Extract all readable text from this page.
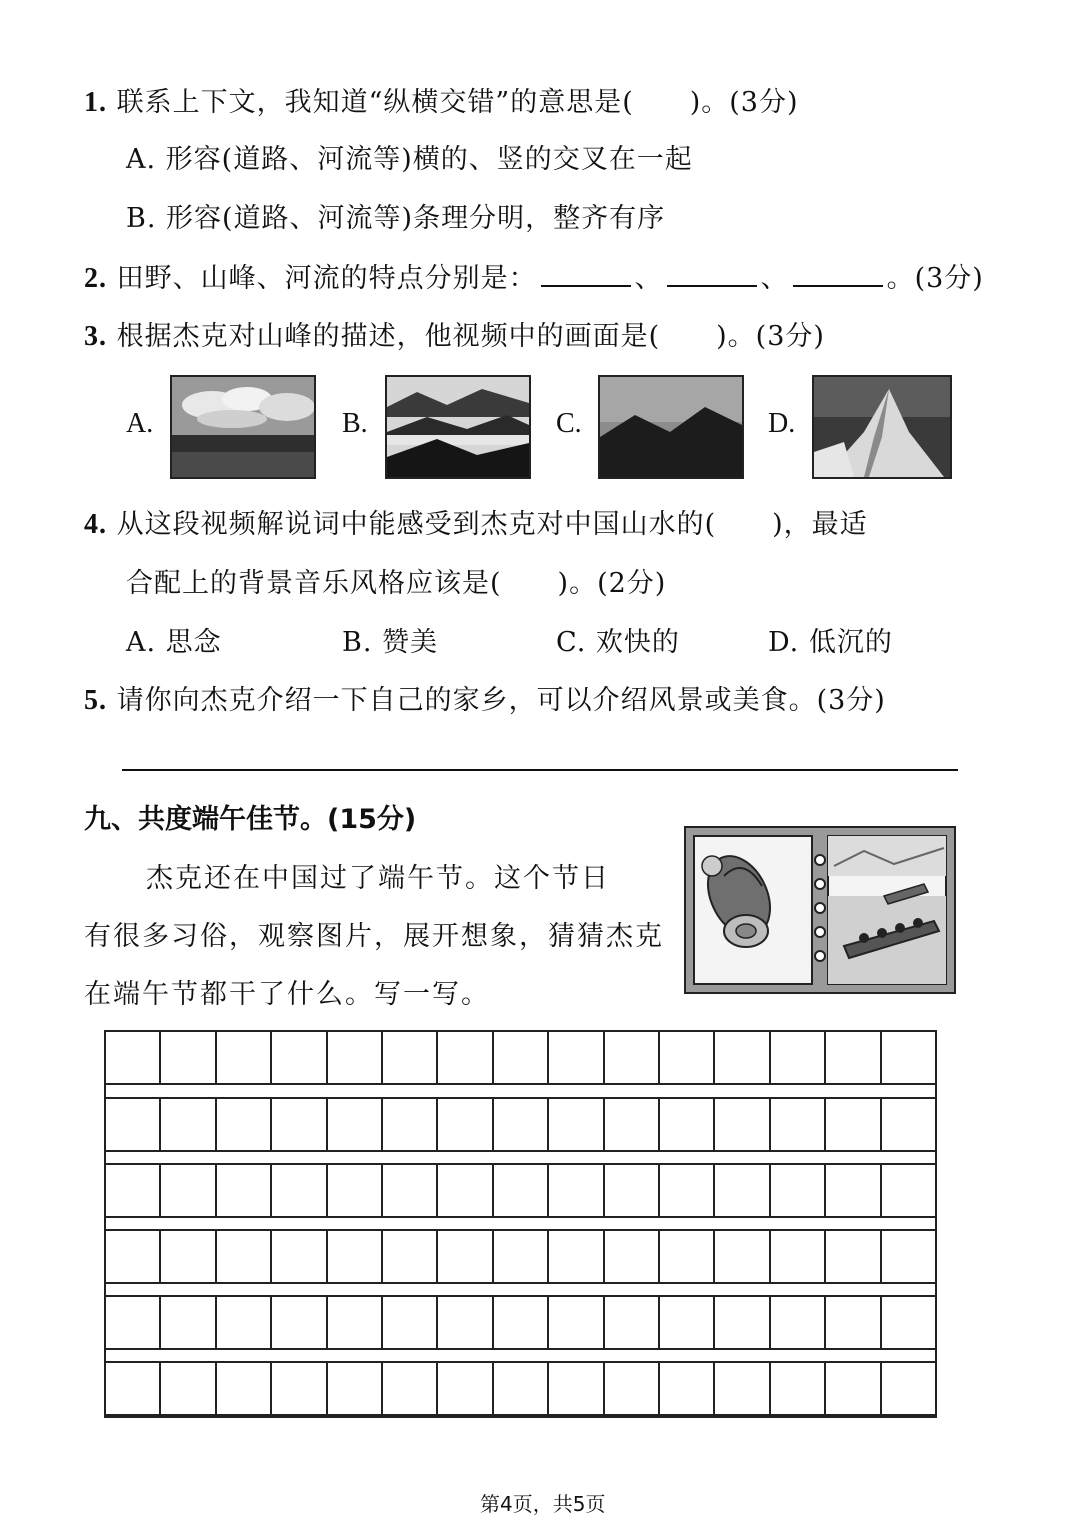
1. 联系上下文，我知道“纵横交错”的意思是(　　)。(3分)
A. 形容(道路、河流等)横的、竖的交叉在一起
B. 形容(道路、河流等)条理分明，整齐有序
2. 田野、山峰、河流的特点分别是：	、	、	。(3分)
3. 根据杰克对山峰的描述，他视频中的画面是(　　)。(3分)
A.	B.	C.	D.
4. 从这段视频解说词中能感受到杰克对中国山水的(　　)，最适
合配上的背景音乐风格应该是(　　)。(2分)
A. 思念	B. 赞美	C. 欢快的	D. 低沉的
5. 请你向杰克介绍一下自己的家乡，可以介绍风景或美食。(3分)
九、共度端午佳节。(15分)
杰克还在中国过了端午节。这个节日
有很多习俗，观察图片，展开想象，猜猜杰克
在端午节都干了什么。写一写。
第4页，共5页
